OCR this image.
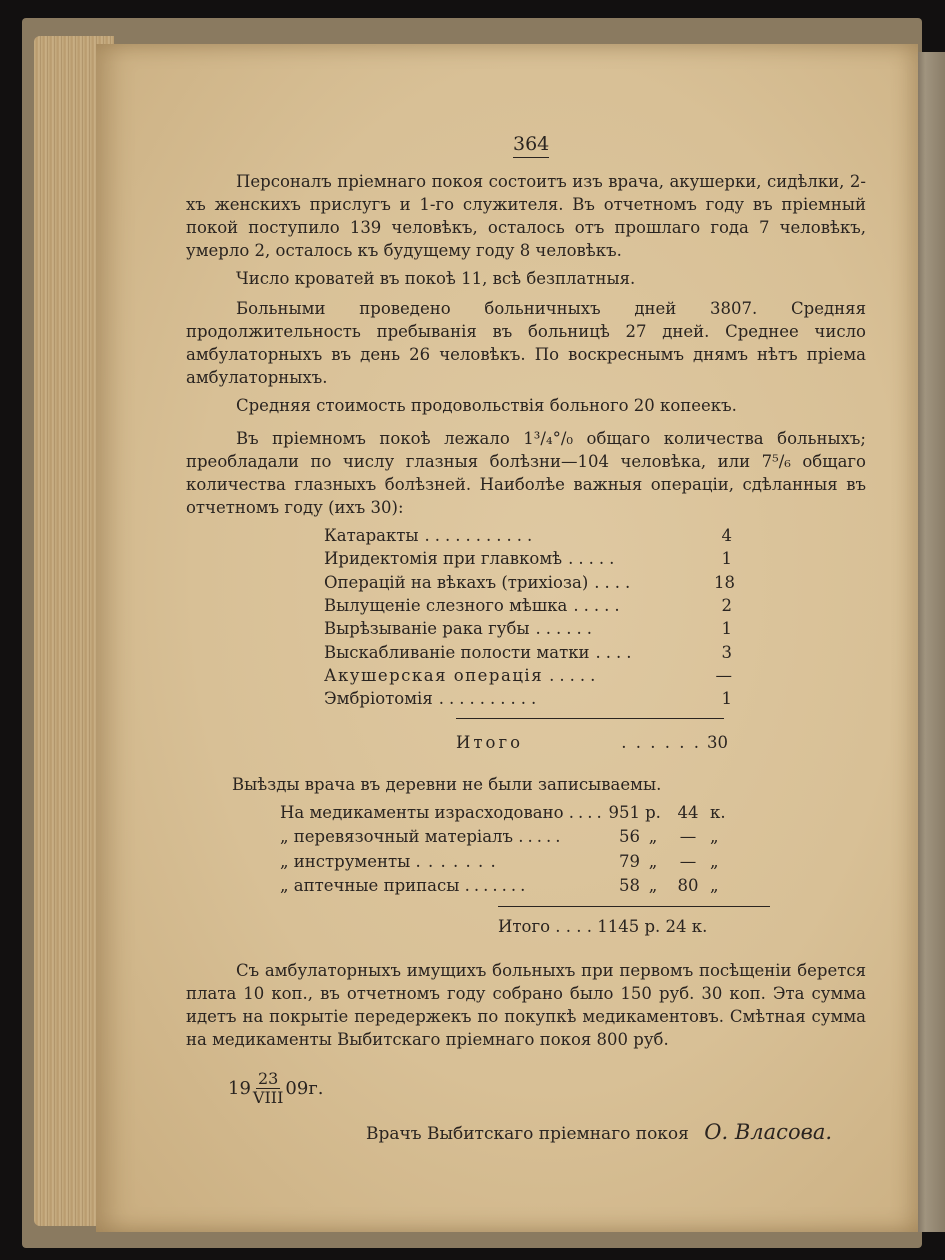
364
Персоналъ пріемнаго покоя состоитъ изъ врача, акушерки, сидѣлки, 2-хъ женскихъ прислугъ и 1-го служителя. Въ отчетномъ году въ пріемный покой поступило 139 человѣкъ, осталось отъ прошлаго года 7 человѣкъ, умерло 2, осталось къ будущему году 8 человѣкъ.
Число кроватей въ покоѣ 11, всѣ безплатныя.
Больными проведено больничныхъ дней 3807. Средняя продолжительность пребыванія въ больницѣ 27 дней. Среднее число амбулаторныхъ въ день 26 человѣкъ. По воскреснымъ днямъ нѣтъ пріема амбулаторныхъ.
Средняя стоимость продовольствія больного 20 копеекъ.
Въ пріемномъ покоѣ лежало 1³/₄°/₀ общаго количества больныхъ; преобладали по числу глазныя болѣзни—104 человѣка, или 7⁵/₆ общаго количества глазныхъ болѣзней. Наиболѣе важныя операціи, сдѣланныя въ отчетномъ году (ихъ 30):
Катаракты ...........	4
Иридектомія при главкомѣ .....	1
Операцій на вѣкахъ (трихіоза) ....	18
Вылущеніе слезного мѣшка .....	2
Вырѣзываніе рака губы ......	1
Выскабливаніе полости матки ....	3
Акушерская операція .....	—
Эмбріотомія ..........	1
Итого	. . . . . . 30
Выѣзды врача въ деревни не были записываемы.
На медикаменты израсходовано .... 951 р.	44 к.
„ перевязочный матеріалъ .....	56 „	— „
„ инструменты . . . . . . .	79 „	— „
„ аптечные припасы .......	58 „	80 „
Итого . . . . 1145 р. 24 к.
Съ амбулаторныхъ имущихъ больныхъ при первомъ посѣщеніи берется плата 10 коп., въ отчетномъ году собрано было 150 руб. 30 коп. Эта сумма идетъ на покрытіе передержекъ по покупкѣ медикаментовъ. Смѣтная сумма на медикаменты Выбитскаго пріемнаго покоя 800 руб.
$19 \frac{23}{\text{VIII}} 09г$.
Врачъ Выбитскаго пріемнаго покоя О. Власова.
